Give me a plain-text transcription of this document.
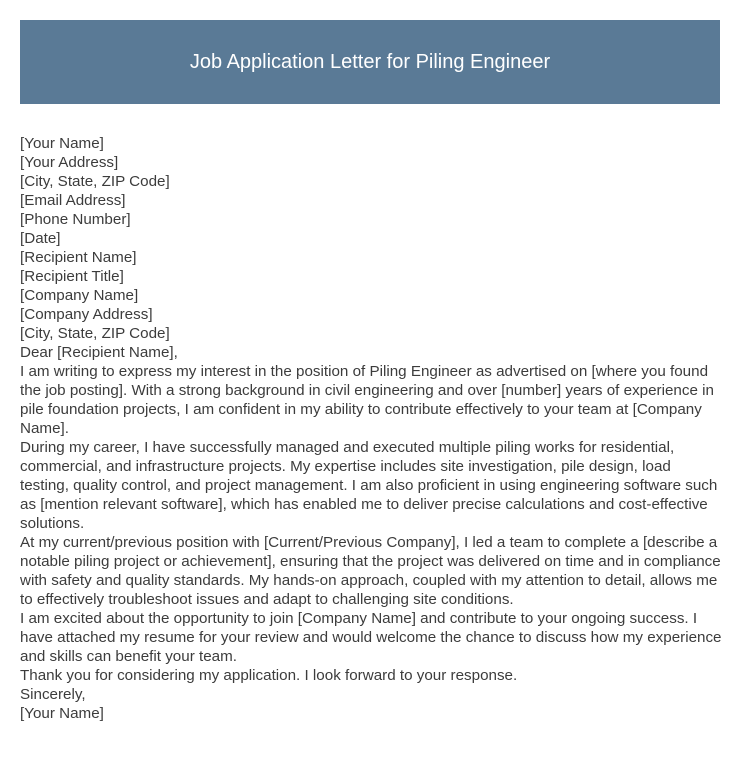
Job Application Letter for Piling Engineer
[Your Name]
[Your Address]
[City, State, ZIP Code]
[Email Address]
[Phone Number]
[Date]
[Recipient Name]
[Recipient Title]
[Company Name]
[Company Address]
[City, State, ZIP Code]
Dear [Recipient Name],

I am writing to express my interest in the position of Piling Engineer as advertised on [where you found the job posting]. With a strong background in civil engineering and over [number] years of experience in pile foundation projects, I am confident in my ability to contribute effectively to your team at [Company Name].

During my career, I have successfully managed and executed multiple piling works for residential, commercial, and infrastructure projects. My expertise includes site investigation, pile design, load testing, quality control, and project management. I am also proficient in using engineering software such as [mention relevant software], which has enabled me to deliver precise calculations and cost-effective solutions.

At my current/previous position with [Current/Previous Company], I led a team to complete a [describe a notable piling project or achievement], ensuring that the project was delivered on time and in compliance with safety and quality standards. My hands-on approach, coupled with my attention to detail, allows me to effectively troubleshoot issues and adapt to challenging site conditions.

I am excited about the opportunity to join [Company Name] and contribute to your ongoing success. I have attached my resume for your review and would welcome the chance to discuss how my experience and skills can benefit your team.

Thank you for considering my application. I look forward to your response.

Sincerely,
[Your Name]
